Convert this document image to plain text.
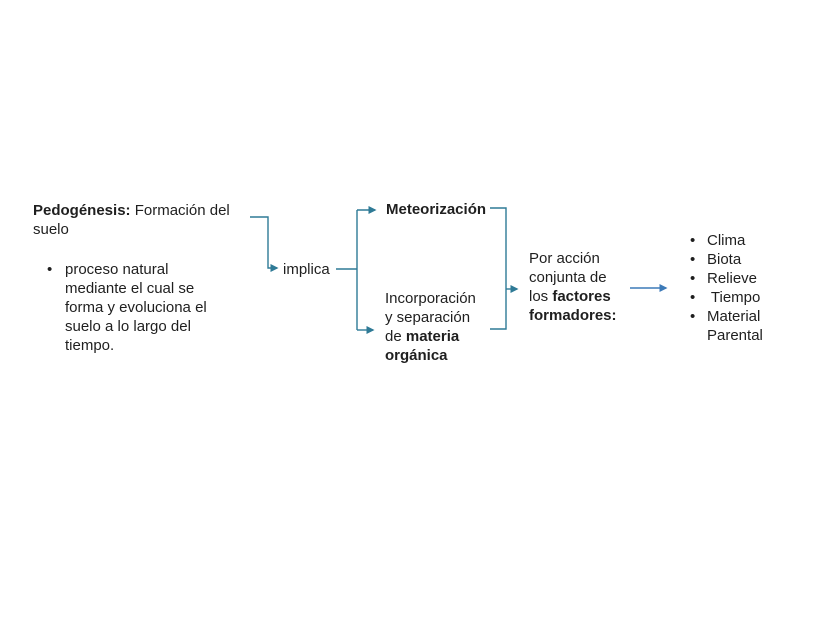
Pedogénesis: Formación del
suelo
•
proceso natural
mediante el cual se
forma y evoluciona el
suelo a lo largo del
tiempo.
implica
Meteorización
Incorporación
y separación
de materia
orgánica
Por acción
conjunta de
los factores
formadores:
•
Clima
•
Biota
•
Relieve
•
Tiempo
•
Material
Parental
